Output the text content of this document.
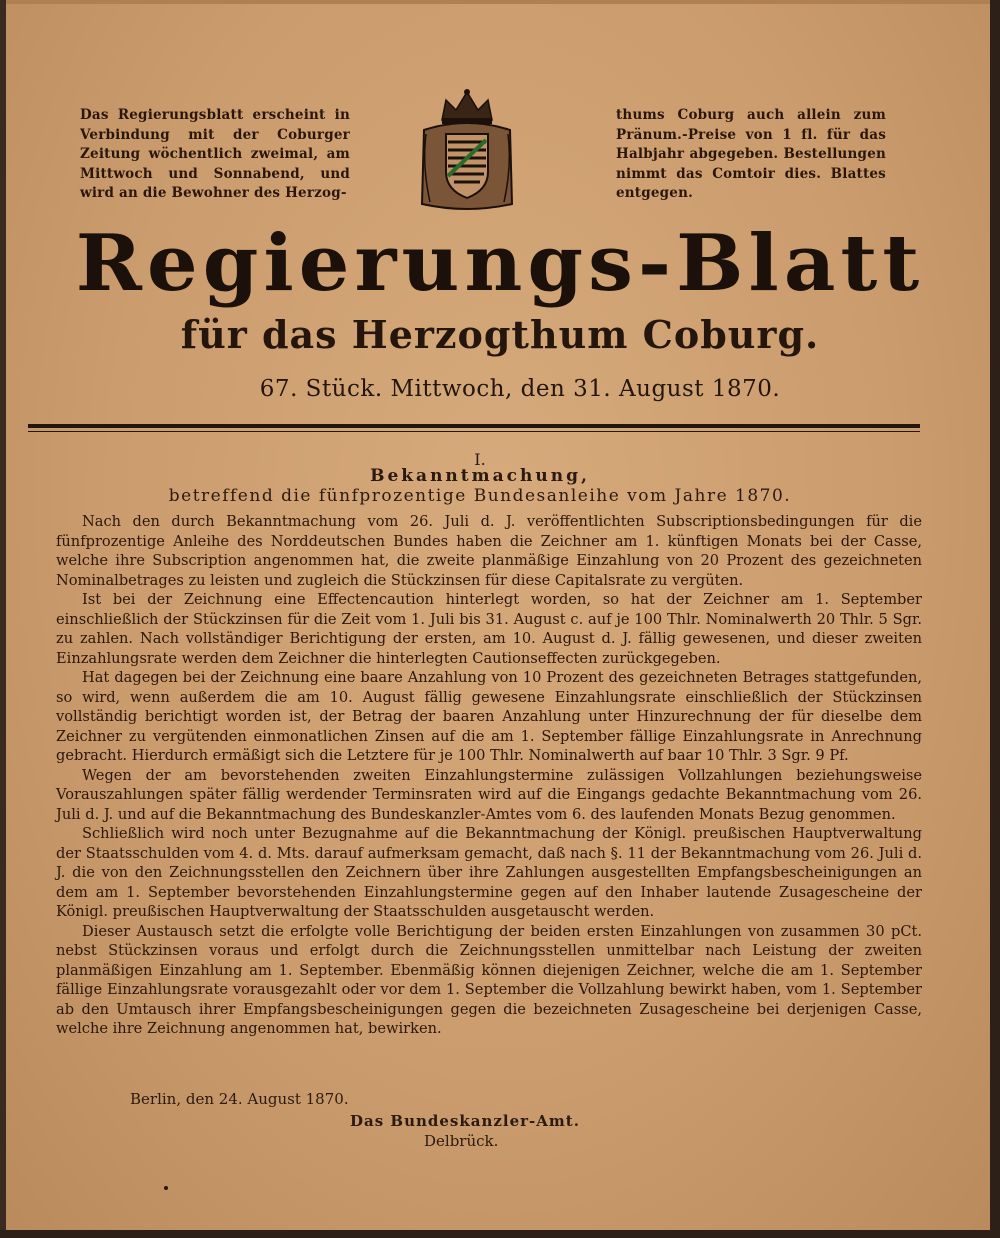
Das Regierungsblatt erscheint in Verbindung mit der Coburger Zeitung wöchentlich zweimal, am Mittwoch und Sonnabend, und wird an die Bewohner des Herzog-
thums Coburg auch allein zum Pränum.-Preise von 1 fl. für das Halbjahr abgegeben. Bestellungen nimmt das Comtoir dies. Blattes entgegen.
Regierungs-Blatt
für das Herzogthum Coburg.
67. Stück. Mittwoch, den 31. August 1870.
I.
Bekanntmachung,
betreffend die fünfprozentige Bundesanleihe vom Jahre 1870.

Nach den durch Bekanntmachung vom 26. Juli d. J. veröffentlichten Subscriptionsbedingungen für die fünfprozentige Anleihe des Norddeutschen Bundes haben die Zeichner am 1. künftigen Monats bei der Casse, welche ihre Subscription angenommen hat, die zweite planmäßige Einzahlung von 20 Prozent des gezeichneten Nominalbetrages zu leisten und zugleich die Stückzinsen für diese Capitalsrate zu vergüten.

Ist bei der Zeichnung eine Effectencaution hinterlegt worden, so hat der Zeichner am 1. September einschließlich der Stückzinsen für die Zeit vom 1. Juli bis 31. August c. auf je 100 Thlr. Nominalwerth 20 Thlr. 5 Sgr. zu zahlen. Nach vollständiger Berichtigung der ersten, am 10. August d. J. fällig gewesenen, und dieser zweiten Einzahlungsrate werden dem Zeichner die hinterlegten Cautionseffecten zurückgegeben.

Hat dagegen bei der Zeichnung eine baare Anzahlung von 10 Prozent des gezeichneten Betrages stattgefunden, so wird, wenn außerdem die am 10. August fällig gewesene Einzahlungsrate einschließlich der Stückzinsen vollständig berichtigt worden ist, der Betrag der baaren Anzahlung unter Hinzurechnung der für dieselbe dem Zeichner zu vergütenden einmonatlichen Zinsen auf die am 1. September fällige Einzahlungsrate in Anrechnung gebracht. Hierdurch ermäßigt sich die Letztere für je 100 Thlr. Nominalwerth auf baar 10 Thlr. 3 Sgr. 9 Pf.

Wegen der am bevorstehenden zweiten Einzahlungstermine zulässigen Vollzahlungen beziehungsweise Vorauszahlungen später fällig werdender Terminsraten wird auf die Eingangs gedachte Bekanntmachung vom 26. Juli d. J. und auf die Bekanntmachung des Bundeskanzler-Amtes vom 6. des laufenden Monats Bezug genommen.

Schließlich wird noch unter Bezugnahme auf die Bekanntmachung der Königl. preußischen Hauptverwaltung der Staatsschulden vom 4. d. Mts. darauf aufmerksam gemacht, daß nach §. 11 der Bekanntmachung vom 26. Juli d. J. die von den Zeichnungsstellen den Zeichnern über ihre Zahlungen ausgestellten Empfangsbescheinigungen an dem am 1. September bevorstehenden Einzahlungstermine gegen auf den Inhaber lautende Zusagescheine der Königl. preußischen Hauptverwaltung der Staatsschulden ausgetauscht werden.

Dieser Austausch setzt die erfolgte volle Berichtigung der beiden ersten Einzahlungen von zusammen 30 pCt. nebst Stückzinsen voraus und erfolgt durch die Zeichnungsstellen unmittelbar nach Leistung der zweiten planmäßigen Einzahlung am 1. September. Ebenmäßig können diejenigen Zeichner, welche die am 1. September fällige Einzahlungsrate vorausgezahlt oder vor dem 1. September die Vollzahlung bewirkt haben, vom 1. September ab den Umtausch ihrer Empfangsbescheinigungen gegen die bezeichneten Zusagescheine bei derjenigen Casse, welche ihre Zeichnung angenommen hat, bewirken.

Berlin, den 24. August 1870.
Das Bundeskanzler-Amt.
Delbrück.
